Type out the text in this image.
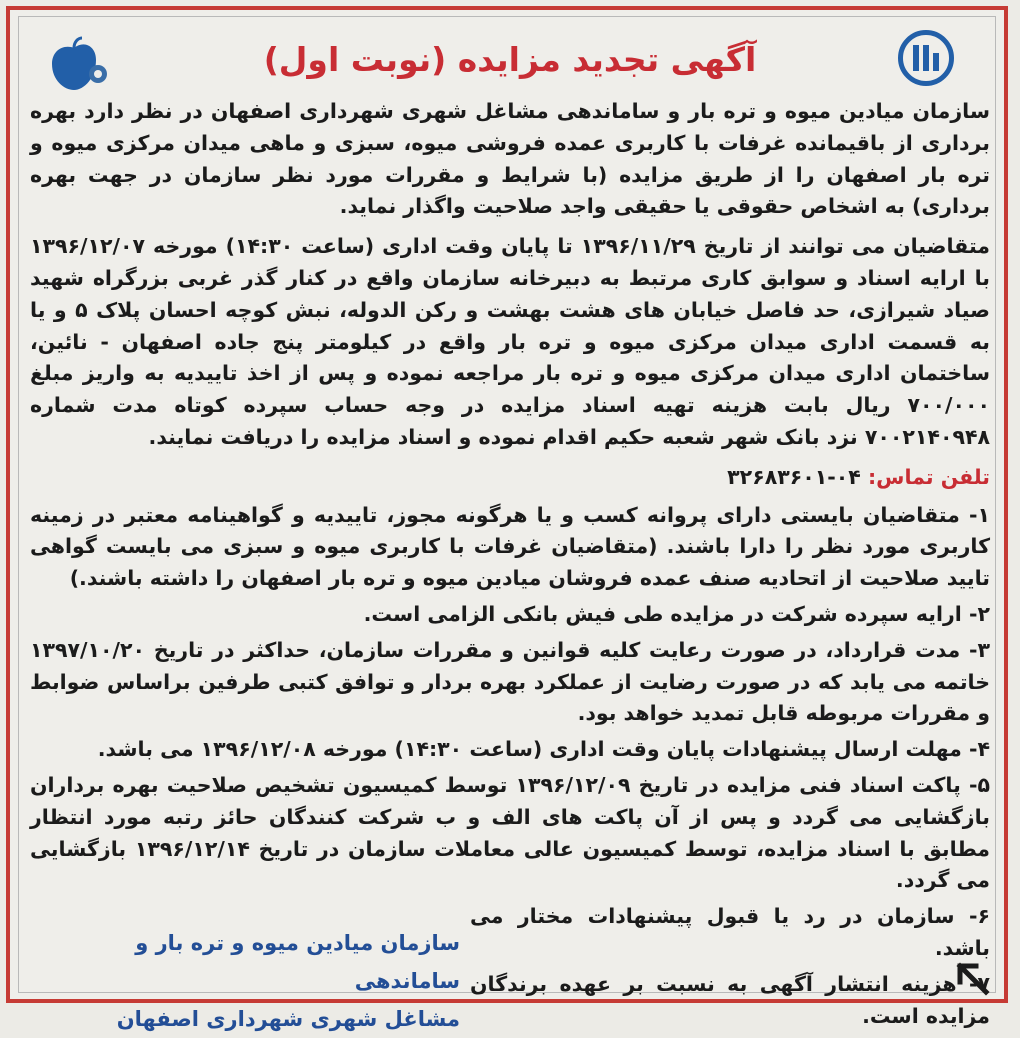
آگهی تجدید مزایده (نوبت اول)

سازمان میادین میوه و تره بار و ساماندهی مشاغل شهری شهرداری اصفهان در نظر دارد بهره برداری از باقیمانده غرفات با کاربری عمده فروشی میوه، سبزی و ماهی میدان مرکزی میوه و تره بار اصفهان را از طریق مزایده (با شرایط و مقررات مورد نظر سازمان در جهت بهره برداری) به اشخاص حقوقی یا حقیقی واجد صلاحیت واگذار نماید.

متقاضیان می توانند از تاریخ ۱۳۹۶/۱۱/۲۹ تا پایان وقت اداری (ساعت ۱۴:۳۰) مورخه ۱۳۹۶/۱۲/۰۷ با ارایه اسناد و سوابق کاری مرتبط به دبیرخانه سازمان واقع در کنار گذر غربی بزرگراه شهید صیاد شیرازی، حد فاصل خیابان های هشت بهشت و رکن الدوله، نبش کوچه احسان پلاک ۵ و یا به قسمت اداری میدان مرکزی میوه و تره بار واقع در کیلومتر پنج جاده اصفهان - نائین، ساختمان اداری میدان مرکزی میوه و تره بار مراجعه نموده و پس از اخذ تاییدیه به واریز مبلغ ۷۰۰/۰۰۰ ریال بابت هزینه تهیه اسناد مزایده در وجه حساب سپرده کوتاه مدت شماره ۷۰۰۲۱۴۰۹۴۸ نزد بانک شهر شعبه حکیم اقدام نموده و اسناد مزایده را دریافت نمایند.

تلفن تماس: ۰۴-۳۲۶۸۳۶۰۱

۱- متقاضیان بایستی دارای پروانه کسب و یا هرگونه مجوز، تاییدیه و گواهینامه معتبر در زمینه کاربری مورد نظر را دارا باشند. (متقاضیان غرفات با کاربری میوه و سبزی می بایست گواهی تایید صلاحیت از اتحادیه صنف عمده فروشان میادین میوه و تره بار اصفهان را داشته باشند.)

۲- ارایه سپرده شرکت در مزایده طی فیش بانکی الزامی است.

۳- مدت قرارداد، در صورت رعایت کلیه قوانین و مقررات سازمان، حداکثر در تاریخ ۱۳۹۷/۱۰/۲۰ خاتمه می یابد که در صورت رضایت از عملکرد بهره بردار و توافق کتبی طرفین براساس ضوابط و مقررات مربوطه قابل تمدید خواهد بود.

۴- مهلت ارسال پیشنهادات پایان وقت اداری (ساعت ۱۴:۳۰) مورخه ۱۳۹۶/۱۲/۰۸ می باشد.

۵- پاکت اسناد فنی مزایده در تاریخ ۱۳۹۶/۱۲/۰۹ توسط کمیسیون تشخیص صلاحیت بهره برداران بازگشایی می گردد و پس از آن پاکت های الف و ب شرکت کنندگان حائز رتبه مورد انتظار مطابق با اسناد مزایده، توسط کمیسیون عالی معاملات سازمان در تاریخ ۱۳۹۶/۱۲/۱۴ بازگشایی می گردد.

۶- سازمان در رد یا قبول پیشنهادات مختار می باشد.

۷- هزینه انتشار آگهی به نسبت بر عهده برندگان مزایده است.

سازمان میادین میوه و تره بار و ساماندهی
مشاغل شهری شهرداری اصفهان
